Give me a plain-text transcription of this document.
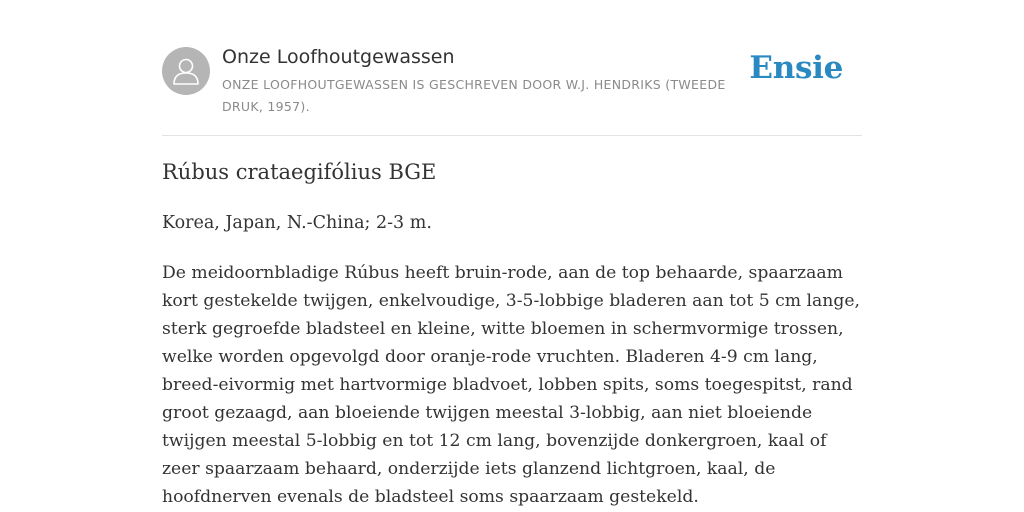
Onze Loofhoutgewassen
ONZE LOOFHOUTGEWASSEN IS GESCHREVEN DOOR W.J. HENDRIKS (TWEEDE DRUK, 1957).
Ensie
Rúbus crataegifólius BGE
Korea, Japan, N.-China; 2-3 m.

De meidoornbladige Rúbus heeft bruin-rode, aan de top behaarde, spaarzaam kort gestekelde twijgen, enkelvoudige, 3-5-lobbige bladeren aan tot 5 cm lange, sterk gegroefde bladsteel en kleine, witte bloemen in schermvormige trossen, welke worden opgevolgd door oranje-rode vruchten. Bladeren 4-9 cm lang, breed-eivormig met hartvormige bladvoet, lobben spits, soms toegespitst, rand groot gezaagd, aan bloeiende twijgen meestal 3-lobbig, aan niet bloeiende twijgen meestal 5-lobbig en tot 12 cm lang, bovenzijde donkergroen, kaal of zeer spaarzaam behaard, onderzijde iets glanzend lichtgroen, kaal, de hoofdnerven evenals de bladsteel soms spaarzaam gestekeld.
